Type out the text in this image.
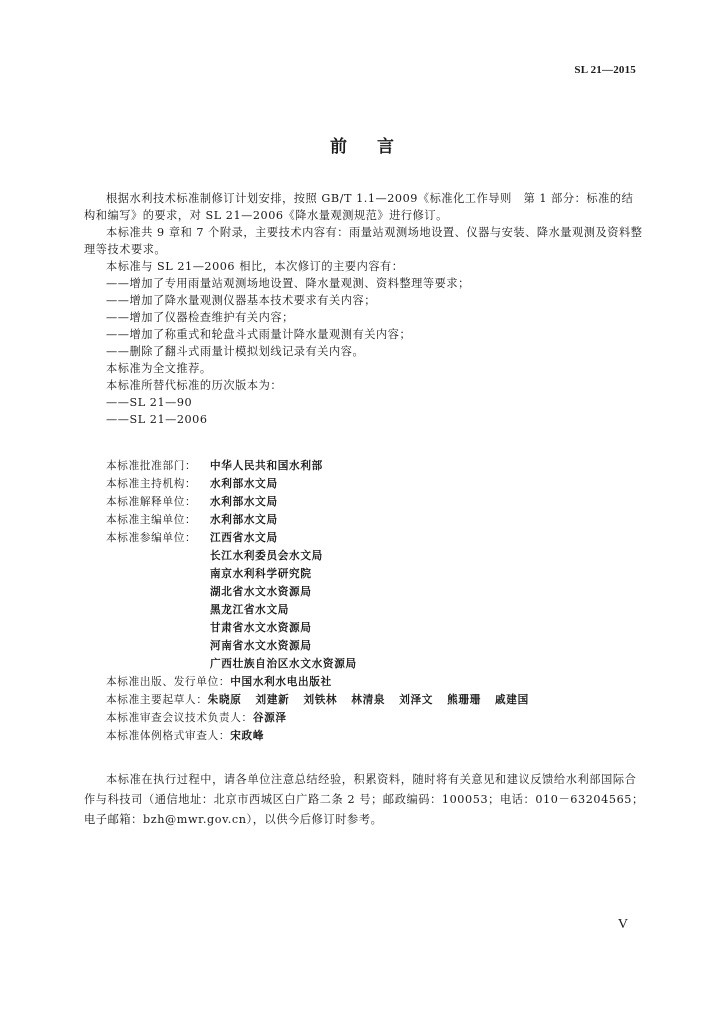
SL 21—2015
前言

根据水利技术标准制修订计划安排，按照 GB/T 1.1—2009《标准化工作导则　第 1 部分：标准的结构和编写》的要求，对 SL 21—2006《降水量观测规范》进行修订。

本标准共 9 章和 7 个附录，主要技术内容有：雨量站观测场地设置、仪器与安装、降水量观测及资料整理等技术要求。

本标准与 SL 21—2006 相比，本次修订的主要内容有：

——增加了专用雨量站观测场地设置、降水量观测、资料整理等要求；

——增加了降水量观测仪器基本技术要求有关内容；

——增加了仪器检查维护有关内容；

——增加了称重式和轮盘斗式雨量计降水量观测有关内容；

——删除了翻斗式雨量计模拟划线记录有关内容。

本标准为全文推荐。

本标准所替代标准的历次版本为：

——SL 21—90

——SL 21—2006

本标准批准部门： 中华人民共和国水利部
本标准主持机构： 水利部水文局
本标准解释单位： 水利部水文局
本标准主编单位： 水利部水文局
本标准参编单位： 江西省水文局
长江水利委员会水文局
南京水利科学研究院
湖北省水文水资源局
黑龙江省水文局
甘肃省水文水资源局
河南省水文水资源局
广西壮族自治区水文水资源局
本标准出版、发行单位：中国水利水电出版社
本标准主要起草人：朱晓原 刘建新 刘铁林 林清泉 刘泽文 熊珊珊 戚建国
本标准审查会议技术负责人：谷源泽
本标准体例格式审查人：宋政峰

本标准在执行过程中，请各单位注意总结经验，积累资料，随时将有关意见和建议反馈给水利部国际合作与科技司（通信地址：北京市西城区白广路二条 2 号；邮政编码：100053；电话：010－63204565；电子邮箱：bzh@mwr.gov.cn），以供今后修订时参考。

V
